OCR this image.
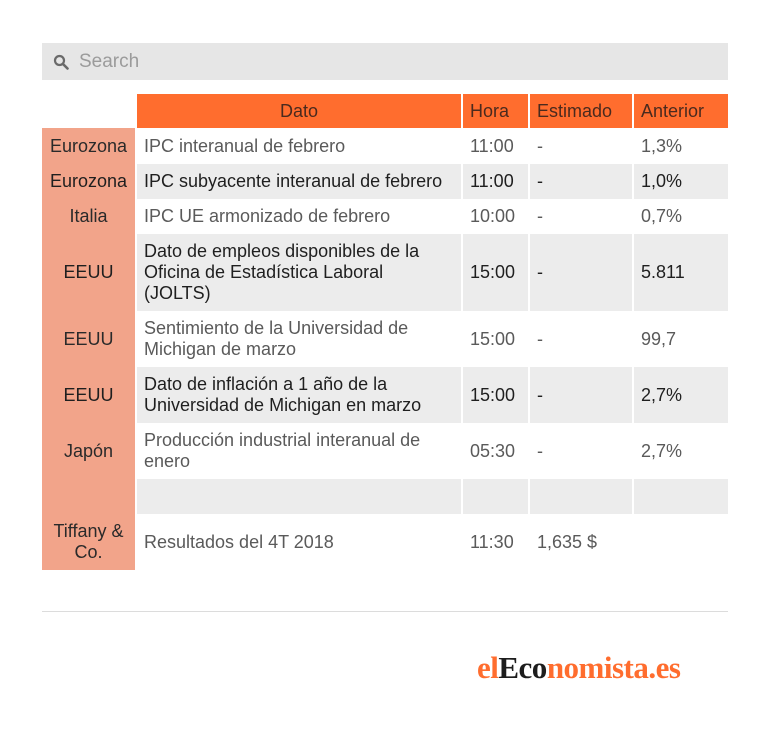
Search
	Dato	Hora	Estimado	Anterior
Eurozona	IPC interanual de febrero	11:00	-	1,3%
Eurozona	IPC subyacente interanual de febrero	11:00	-	1,0%
Italia	IPC UE armonizado de febrero	10:00	-	0,7%
EEUU	Dato de empleos disponibles de la Oficina de Estadística Laboral (JOLTS)	15:00	-	5.811
EEUU	Sentimiento de la Universidad de Michigan de marzo	15:00	-	99,7
EEUU	Dato de inflación a 1 año de la Universidad de Michigan en marzo	15:00	-	2,7%
Japón	Producción industrial interanual de enero	05:30	-	2,7%

Tiffany & Co.	Resultados del 4T 2018	11:30	1,635 $	
elEconomista.es
